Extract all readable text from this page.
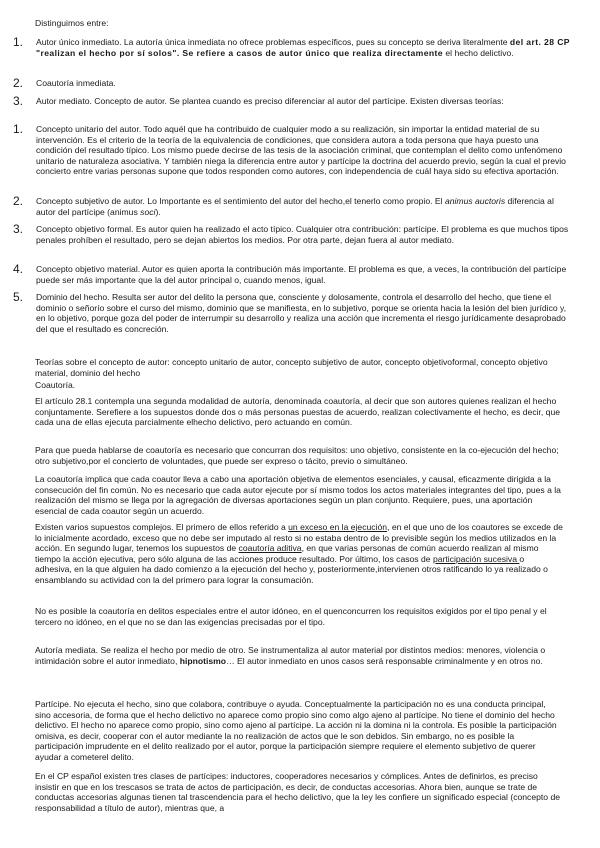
Distinguimos entre:

1. Autor único inmediato. La autoría única inmediata no ofrece problemas específicos, pues su concepto se deriva literalmente del art. 28 CP "realizan el hecho por sí solos". Se refiere a casos de autor único que realiza directamente el hecho delictivo.
2. Coautoría inmediata.
3. Autor mediato. Concepto de autor. Se plantea cuando es preciso diferenciar al autor del partícipe. Existen diversas teorías:
1. Concepto unitario del autor. Todo aquél que ha contribuido de cualquier modo a su realización, sin importar la entidad material de su intervención. Es el criterio de la teoría de la equivalencia de condiciones, que considera autora a toda persona que haya puesto una condición del resultado típico. Los mismo puede decirse de las tesis de la asociación criminal, que contemplan el delito como unfenómeno unitario de naturaleza asociativa. Y también niega la diferencia entre autor y partícipe la doctrina del acuerdo previo, según la cual el previo concierto entre varias personas supone que todos responden como autores, con independencia de cuál haya sido su efectiva aportación.
2. Concepto subjetivo de autor. Lo Importante es el sentimiento del autor del hecho,el tenerlo como propio. El animus auctoris diferencia al autor del partícipe (animus soci).
3. Concepto objetivo formal. Es autor quien ha realizado el acto típico. Cualquier otra contribución: partícipe. El problema es que muchos tipos penales prohíben el resultado, pero se dejan abiertos los medios. Por otra parte, dejan fuera al autor mediato.
4. Concepto objetivo material. Autor es quien aporta la contribución más importante. El problema es que, a veces, la contribución del partícipe puede ser más importante que la del autor principal o, cuando menos, igual.
5. Dominio del hecho. Resulta ser autor del delito la persona que, consciente y dolosamente, controla el desarrollo del hecho, que tiene el dominio o señorío sobre el curso del mismo, dominio que se manifiesta, en lo subjetivo, porque se orienta hacia la lesión del bien jurídico y, en lo objetivo, porque goza del poder de interrumpir su desarrollo y realiza una acción que incrementa el riesgo jurídicamente desaprobado del que el resultado es concreción.
Teorías sobre el concepto de autor: concepto unitario de autor, concepto subjetivo de autor, concepto objetivoformal, concepto objetivo material, dominio del hecho
Coautoría.
El artículo 28.1 contempla una segunda modalidad de autoría, denominada coautoría, al decir que son autores quienes realizan el hecho conjuntamente. Serefiere a los supuestos donde dos o más personas puestas de acuerdo, realizan colectivamente el hecho, es decir, que cada una de ellas ejecuta parcialmente elhecho delictivo, pero actuando en común.
Para que pueda hablarse de coautoría es necesario que concurran dos requisitos: uno objetivo, consistente en la co-ejecución del hecho; otro subjetivo,por el concierto de voluntades, que puede ser expreso o tácito, previo o simultáneo.
La coautoría implica que cada coautor lleva a cabo una aportación objetiva de elementos esenciales, y causal, eficazmente dirigida a la consecución del fin común. No es necesario que cada autor ejecute por sí mismo todos los actos materiales integrantes del tipo, pues a la realización del mismo se llega por la agregación de diversas aportaciones según un plan conjunto. Requiere, pues, una aportación esencial de cada coautor según un acuerdo.
Existen varios supuestos complejos. El primero de ellos referido a un exceso en la ejecución, en el que uno de los coautores se excede de lo inicialmente acordado, exceso que no debe ser imputado al resto si no estaba dentro de lo previsible según los medios utilizados en la acción. En segundo lugar, tenemos los supuestos de coautoría aditiva, en que varias personas de común acuerdo realizan al mismo tiempo la acción ejecutiva, pero sólo alguna de las acciones produce resultado. Por último, los casos de participación sucesiva o adhesiva, en la que alguien ha dado comienzo a la ejecución del hecho y, posteriormente,intervienen otros ratificando lo ya realizado o ensamblando su actividad con la del primero para lograr la consumación.
No es posible la coautoría en delitos especiales entre el autor idóneo, en el quenconcurren los requisitos exigidos por el tipo penal y el tercero no idóneo, en el que no se dan las exigencias precisadas por el tipo.
Autoría mediata. Se realiza el hecho por medio de otro. Se instrumentaliza al autor material por distintos medios: menores, violencia o intimidación sobre el autor inmediato, hipnotismo… El autor inmediato en unos casos será responsable criminalmente y en otros no.
Partícipe. No ejecuta el hecho, sino que colabora, contribuye o ayuda. Conceptualmente la participación no es una conducta principal, sino accesoria, de forma que el hecho delictivo no aparece como propio sino como algo ajeno al partícipe. No tiene el dominio del hecho delictivo. El hecho no aparece como propio, sino como ajeno al partícipe. La acción ni la domina ni la controla. Es posible la participación omisiva, es decir, cooperar con el autor mediante la no realización de actos que le son debidos. Sin embargo, no es posible la participación imprudente en el delito realizado por el autor, porque la participación siempre requiere el elemento subjetivo de querer ayudar a cometerel delito.
En el CP español existen tres clases de partícipes: inductores, cooperadores necesarios y cómplices. Antes de definirlos, es preciso insistir en que en los trescasos se trata de actos de participación, es decir, de conductas accesorias. Ahora bien, aunque se trate de conductas accesorias algunas tienen tal trascendencia para el hecho delictivo, que la ley les confiere un significado especial (concepto de responsabilidad a título de autor), mientras que, a
